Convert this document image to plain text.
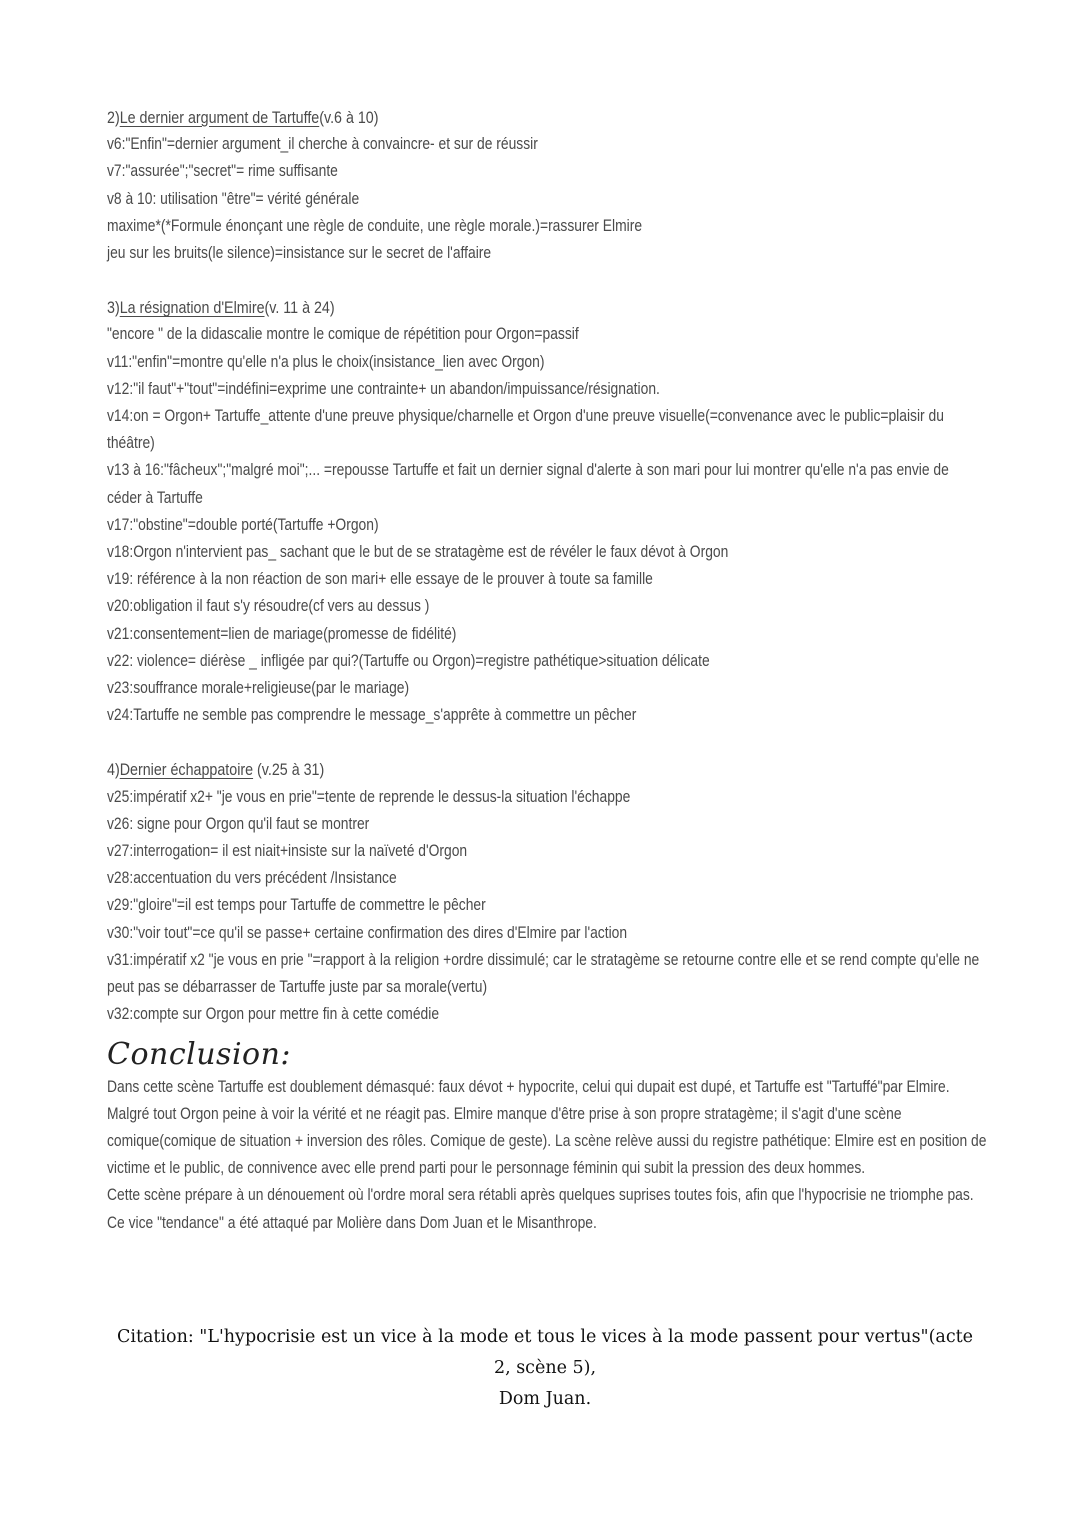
2)Le dernier argument de Tartuffe(v.6 à 10)
v6:"Enfin"=dernier argument_il cherche à convaincre- et sur de réussir
v7:"assurée";"secret"= rime suffisante
v8 à 10: utilisation "être"= vérité générale
maxime*(*Formule énonçant une règle de conduite, une règle morale.)=rassurer Elmire
jeu sur les bruits(le silence)=insistance sur le secret de l'affaire
3)La résignation d'Elmire(v. 11 à 24)
"encore " de la didascalie montre le comique de répétition pour Orgon=passif
v11:"enfin"=montre qu'elle n'a plus le choix(insistance_lien avec Orgon)
v12:"il faut"+"tout"=indéfini=exprime une contrainte+ un abandon/impuissance/résignation.
v14:on = Orgon+ Tartuffe_attente d'une preuve physique/charnelle et Orgon d'une preuve visuelle(=convenance avec le public=plaisir du théâtre)
v13 à 16:"fâcheux";"malgré moi";... =repousse Tartuffe et fait un dernier signal d'alerte à son mari pour lui montrer qu'elle n'a pas envie de céder à Tartuffe
v17:"obstine"=double porté(Tartuffe +Orgon)
v18:Orgon n'intervient pas_ sachant que le but de se stratagème est de révéler le faux dévot à Orgon
v19: référence à la non réaction de son mari+ elle essaye de le prouver à toute sa famille
v20:obligation il faut s'y résoudre(cf vers au dessus )
v21:consentement=lien de mariage(promesse de fidélité)
v22: violence= diérèse _ infligée par qui?(Tartuffe ou Orgon)=registre pathétique>situation délicate
v23:souffrance morale+religieuse(par le mariage)
v24:Tartuffe ne semble pas comprendre le message_s'apprête à commettre un pêcher
4)Dernier échappatoire (v.25 à 31)
v25:impératif x2+ "je vous en prie"=tente de reprende le dessus-la situation l'échappe
v26: signe pour Orgon qu'il faut se montrer
v27:interrogation= il est niait+insiste sur la naïveté d'Orgon
v28:accentuation du vers précédent /Insistance
v29:"gloire"=il est temps pour Tartuffe de commettre le pêcher
v30:"voir tout"=ce qu'il se passe+ certaine confirmation des dires d'Elmire par l'action
v31:impératif x2 "je vous en prie "=rapport à la religion +ordre dissimulé; car le stratagème se retourne contre elle et se rend compte qu'elle ne peut pas se débarrasser de Tartuffe juste par sa morale(vertu)
v32:compte sur Orgon pour mettre fin à cette comédie
Conclusion:
Dans cette scène Tartuffe est doublement démasqué: faux dévot + hypocrite, celui qui dupait est dupé, et Tartuffe est "Tartuffé"par Elmire. Malgré tout Orgon peine à voir la vérité et ne réagit pas. Elmire manque d'être prise à son propre stratagème; il s'agit d'une scène comique(comique de situation + inversion des rôles. Comique de geste). La scène relève aussi du registre pathétique: Elmire est en position de victime et le public, de connivence avec elle prend parti pour le personnage féminin qui subit la pression des deux hommes.
Cette scène prépare à un dénouement où l'ordre moral sera rétabli après quelques suprises toutes fois, afin que l'hypocrisie ne triomphe pas. Ce vice "tendance" a été attaqué par Molière dans Dom Juan et le Misanthrope.
Citation: "L'hypocrisie est un vice à la mode et tous le vices à la mode passent pour vertus"(acte 2, scène 5),
Dom Juan.
